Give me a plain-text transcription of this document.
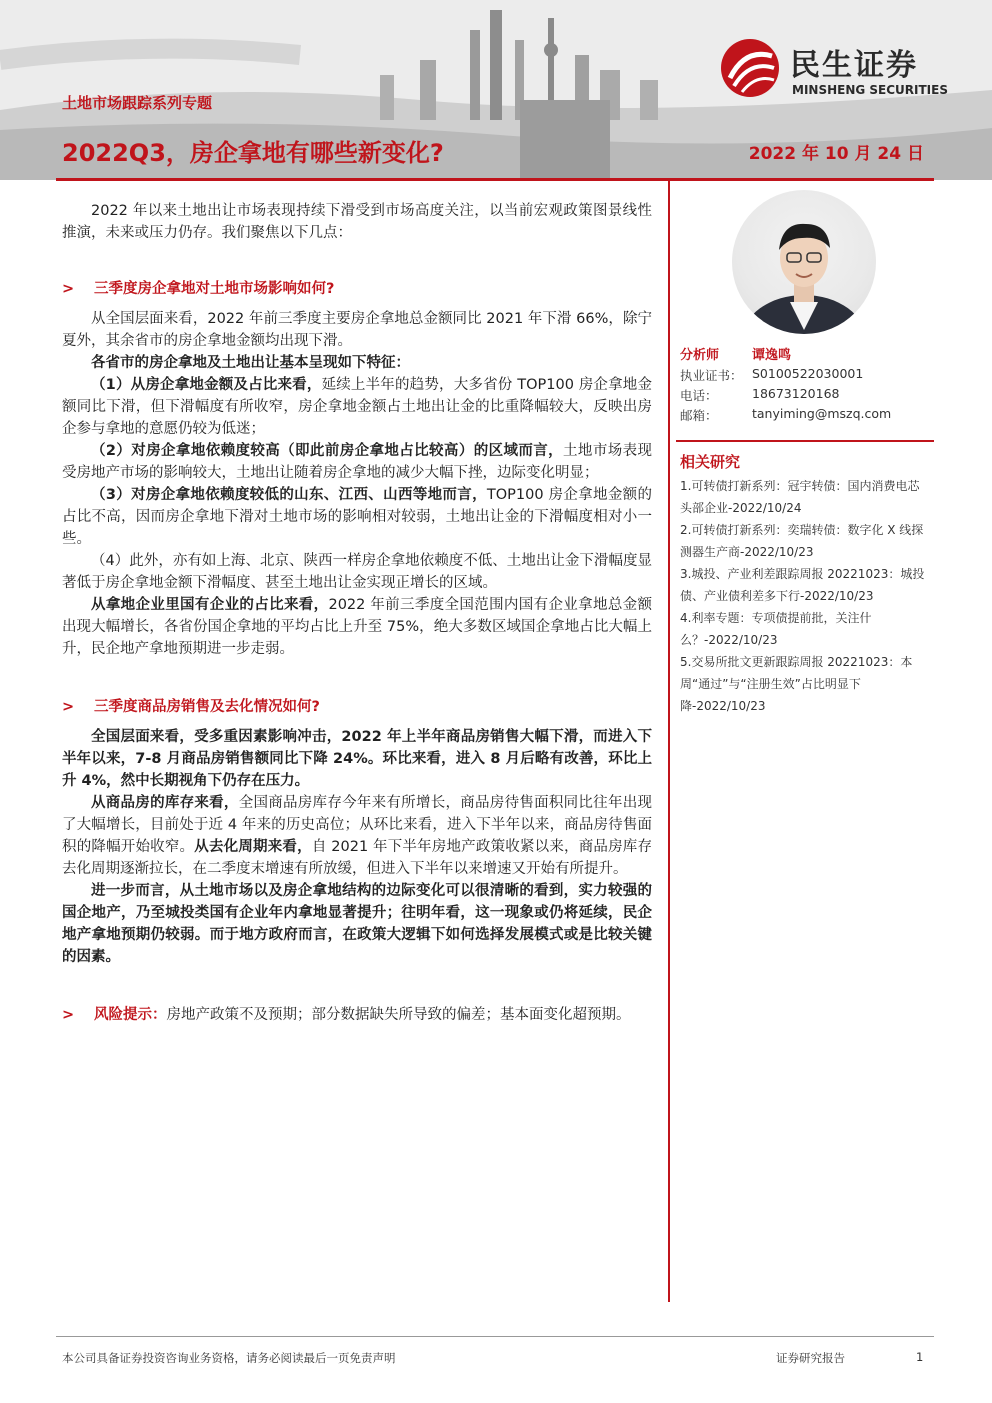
民生证券
MINSHENG SECURITIES
土地市场跟踪系列专题
2022Q3，房企拿地有哪些新变化?	2022 年 10 月 24 日

2022 年以来土地出让市场表现持续下滑受到市场高度关注，以当前宏观政策图景线性推演，未来或压力仍存。我们聚焦以下几点：

>	三季度房企拿地对土地市场影响如何?

从全国层面来看，2022 年前三季度主要房企拿地总金额同比 2021 年下滑 66%，除宁夏外，其余省市的房企拿地金额均出现下滑。

各省市的房企拿地及土地出让基本呈现如下特征：

（1）从房企拿地金额及占比来看，延续上半年的趋势，大多省份 TOP100 房企拿地金额同比下滑，但下滑幅度有所收窄，房企拿地金额占土地出让金的比重降幅较大，反映出房企参与拿地的意愿仍较为低迷；

（2）对房企拿地依赖度较高（即此前房企拿地占比较高）的区域而言，土地市场表现受房地产市场的影响较大，土地出让随着房企拿地的减少大幅下挫，边际变化明显；

（3）对房企拿地依赖度较低的山东、江西、山西等地而言，TOP100 房企拿地金额的占比不高，因而房企拿地下滑对土地市场的影响相对较弱，土地出让金的下滑幅度相对小一些。

（4）此外，亦有如上海、北京、陕西一样房企拿地依赖度不低、土地出让金下滑幅度显著低于房企拿地金额下滑幅度、甚至土地出让金实现正增长的区域。

从拿地企业里国有企业的占比来看，2022 年前三季度全国范围内国有企业拿地总金额出现大幅增长，各省份国企拿地的平均占比上升至 75%，绝大多数区域国企拿地占比大幅上升，民企地产拿地预期进一步走弱。

>	三季度商品房销售及去化情况如何?

全国层面来看，受多重因素影响冲击，2022 年上半年商品房销售大幅下滑，而进入下半年以来，7-8 月商品房销售额同比下降 24%。环比来看，进入 8 月后略有改善，环比上升 4%，然中长期视角下仍存在压力。

从商品房的库存来看，全国商品房库存今年来有所增长，商品房待售面积同比往年出现了大幅增长，目前处于近 4 年来的历史高位；从环比来看，进入下半年以来，商品房待售面积的降幅开始收窄。从去化周期来看，自 2021 年下半年房地产政策收紧以来，商品房库存去化周期逐渐拉长，在二季度末增速有所放缓，但进入下半年以来增速又开始有所提升。

进一步而言，从土地市场以及房企拿地结构的边际变化可以很清晰的看到，实力较强的国企地产，乃至城投类国有企业年内拿地显著提升；往明年看，这一现象或仍将延续，民企地产拿地预期仍较弱。而于地方政府而言，在政策大逻辑下如何选择发展模式或是比较关键的因素。

>	风险提示：房地产政策不及预期；部分数据缺失所导致的偏差；基本面变化超预期。
分析师	谭逸鸣
执业证书： S0100522030001
电话：	18673120168
邮箱：	tanyiming@mszq.com
相关研究
1.可转债打新系列：冠宇转债：国内消费电芯头部企业-2022/10/24
2.可转债打新系列：奕瑞转债：数字化 X 线探测器生产商-2022/10/23
3.城投、产业利差跟踪周报 20221023：城投债、产业债利差多下行-2022/10/23
4.利率专题：专项债提前批，关注什么？-2022/10/23
5.交易所批文更新跟踪周报 20221023：本周“通过”与“注册生效”占比明显下降-2022/10/23
本公司具备证券投资咨询业务资格，请务必阅读最后一页免责声明	证券研究报告	1
